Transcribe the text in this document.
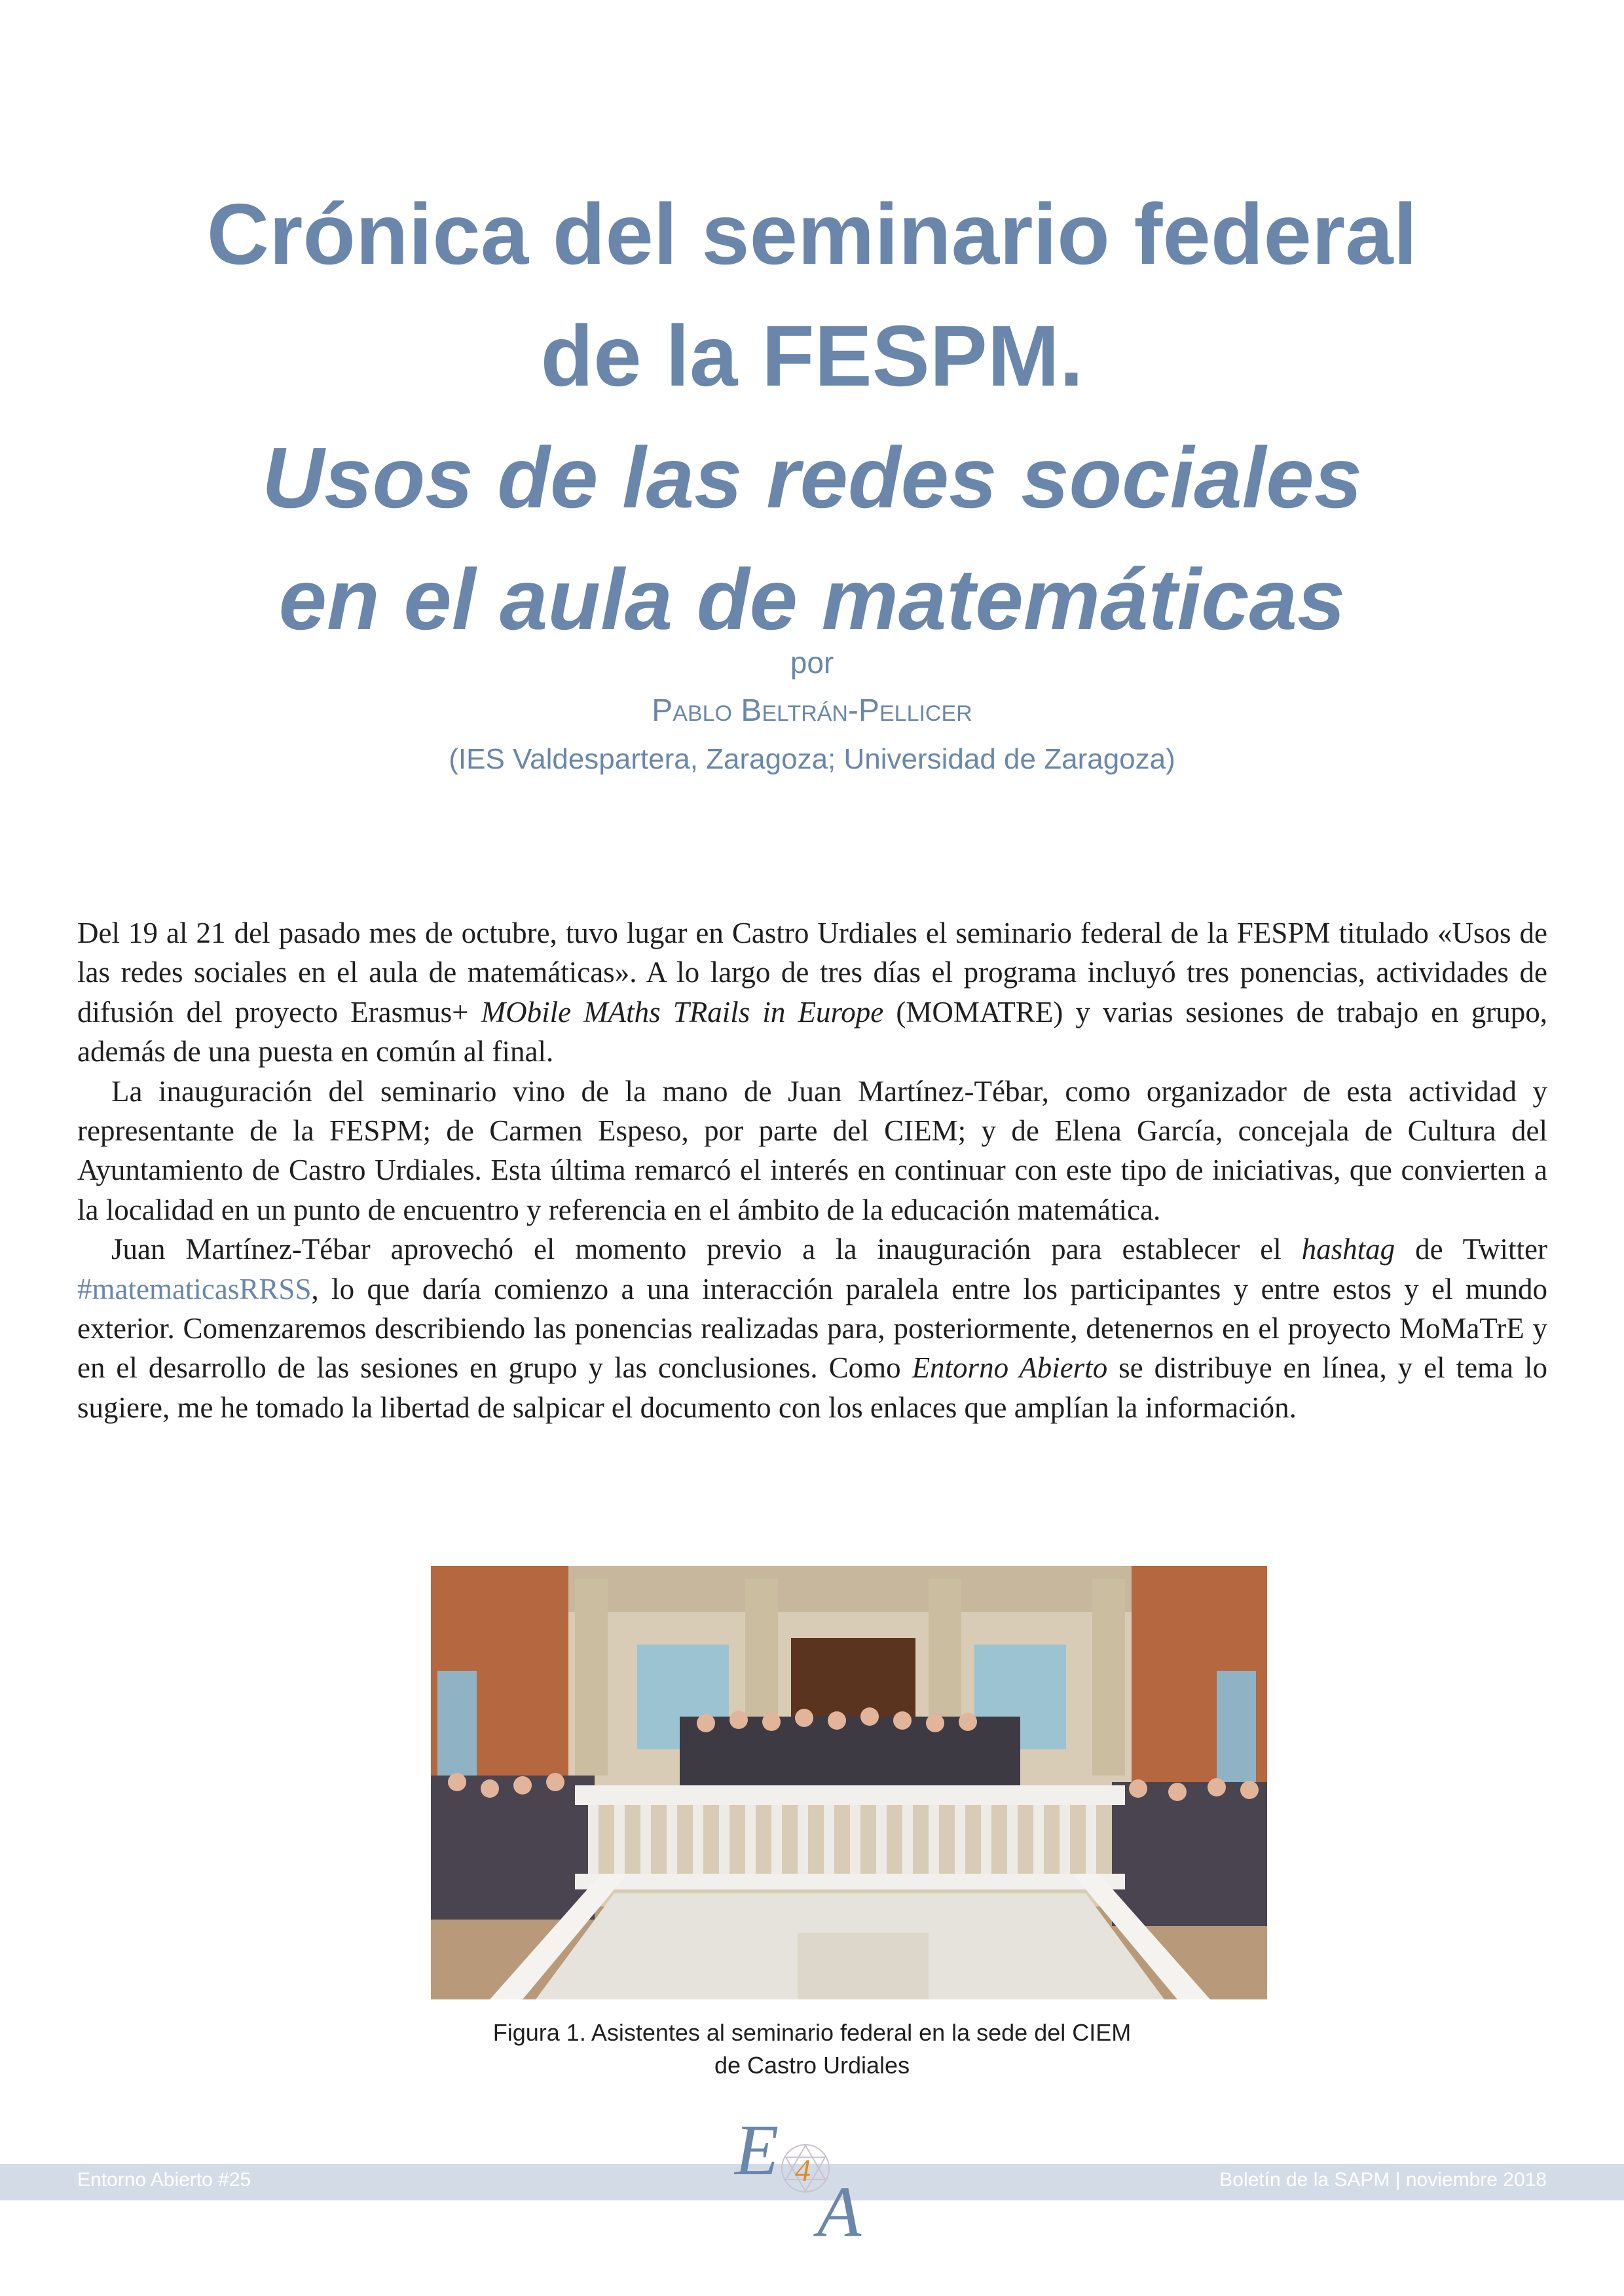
Crónica del seminario federal
de la FESPM.
Usos de las redes sociales
en el aula de matemáticas
por
Pablo Beltrán-Pellicer
(IES Valdespartera, Zaragoza; Universidad de Zaragoza)

Del 19 al 21 del pasado mes de octubre, tuvo lugar en Castro Urdiales el seminario federal de la FESPM titulado «Usos de las redes sociales en el aula de matemáticas». A lo largo de tres días el programa incluyó tres ponencias, actividades de difusión del proyecto Erasmus+ MObile MAths TRails in Europe (MOMATRE) y varias sesiones de trabajo en grupo, además de una puesta en común al final.

La inauguración del seminario vino de la mano de Juan Martínez-Tébar, como organizador de esta actividad y representante de la FESPM; de Carmen Espeso, por parte del CIEM; y de Elena García, concejala de Cultura del Ayuntamiento de Castro Urdiales. Esta última remarcó el interés en continuar con este tipo de iniciativas, que convierten a la localidad en un punto de encuentro y referencia en el ámbito de la educación matemática.

Juan Martínez-Tébar aprovechó el momento previo a la inauguración para establecer el hashtag de Twitter #matematicasRRSS, lo que daría comienzo a una interacción paralela entre los participantes y entre estos y el mundo exterior. Comenzaremos describiendo las ponencias realizadas para, posteriormente, detenernos en el proyecto MoMaTrE y en el desarrollo de las sesiones en grupo y las conclusiones. Como Entorno Abierto se distribuye en línea, y el tema lo sugiere, me he tomado la libertad de salpicar el documento con los enlaces que amplían la información.

Figura 1. Asistentes al seminario federal en la sede del CIEM
de Castro Urdiales
Entorno Abierto #25	Boletín de la SAPM | noviembre 2018
E 4
A
